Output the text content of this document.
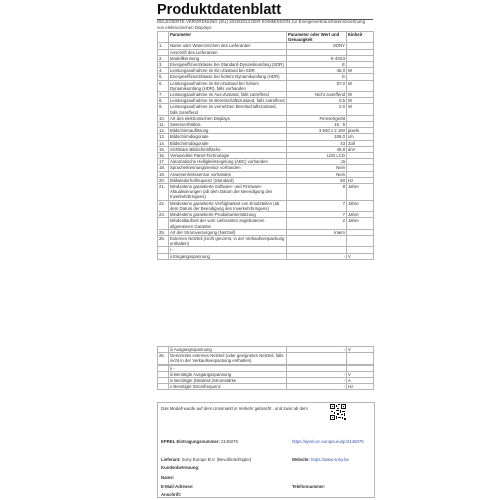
Produktdatenblatt
DELEGIERTE VERORDNUNG (EU) 2019/2013 DER KOMMISSION zur Energieverbrauchskennzeichnung von elektronischen Displays
	Parameter	Parameter oder Wert und Genauigkeit	Einheit
1.	Name oder Warenzeichen des Lieferanten	SONY	
	Anschrift des Lieferanten		
2.	Modellkennung	K-43S3	
3.	Energieeffizienzklasse bei Standard-Dynamikumfang (SDR)	E	
4.	Leistungsaufnahme im Ein-Zustand bei SDR	46,0	W
5.	Energieeffizienzklasse bei hohem Dynamikumfang (HDR)	G	
6.	Leistungsaufnahme im Ein-Zustand bei hohem Dynamikumfang (HDR), falls vorhanden	57,0	W
7.	Leistungsaufnahme im Aus-Zustand, falls zutreffend	Nicht zutreffend	W
8.	Leistungsaufnahme im Bereitschaftszustand, falls zutreffend	0,5	W
9.	Leistungsaufnahme im vernetzten Bereitschaftszustand, falls zutreffend	2,0	W
10.	Art des elektronischen Displays	Fernsehgerät	
11.	Seitenverhältnis	16 : 9	
12.	Bildschirmauflösung	3 840 x 2 160	pixels
13.	Bildschirmdiagonale	108,0	cm
14.	Bildschirmdiagonale	43	Zoll
15.	Sichtbare Bildschirmfläche	49,8	dm²
16.	Verwendete Panel-Technologie	LED LCD	
17.	Automatische Helligkeitsregelung (ABC) vorhanden	Ja	
18.	Spracherkennungssensor vorhanden	Nein	
19.	Anwesenheitssensor vorhanden	Nein	
20.	Bildwiederholfrequenz (Standard)	50	Hz
21.	Mindestens garantierte Software- und Firmware-Aktualisierungen (ab dem Datum der Beendigung des Inverkehrbringens)	8	Jahre
22.	Mindestens garantierte Verfügbarkeit von Ersatzteilen (ab dem Datum der Beendigung des Inverkehrbringens)	7	Jahre
23.	Mindestens garantierte Produktunterstützung	7	Jahre
	Mindestlaufzeit der vom Lieferanten angebotenen allgemeinen Garantie	2	Jahre
25.	Art der Stromversorgung (Netzteil)	Intern	
26.	Externes Netzteil (nicht genormt, in der Verkaufsverpackung enthalten)		
	i -		
	ii Eingangsspannung	-	V
	iii Ausgangsspannung	-	V
26.	Genormtes externes Netzteil (oder geeignetes Netzteil, falls nicht in der Verkaufsverpackung enthalten)		

	ii -		
	iii Benötigte Ausgangsspannung	-	V
	iv Benötigte (Mindest-)Stromstärke	-	A
	v Benötigte Stromfrequenz	-	Hz
Das Modell wurde auf dem Umsmarkt in Verkehr gebracht , und zwar ab dem
EPREL Eintragungsnummer: 2145076	https://eprel.ec.europa.eu/qr/2145076
Lieferant: Sony Europe B.V. (Bevollmächtigter)	Website: https://www.sony.be
Kundenbetreuung:
Name:
E-Mail-Adresse:	Telefonnummer:
Anschrift:
